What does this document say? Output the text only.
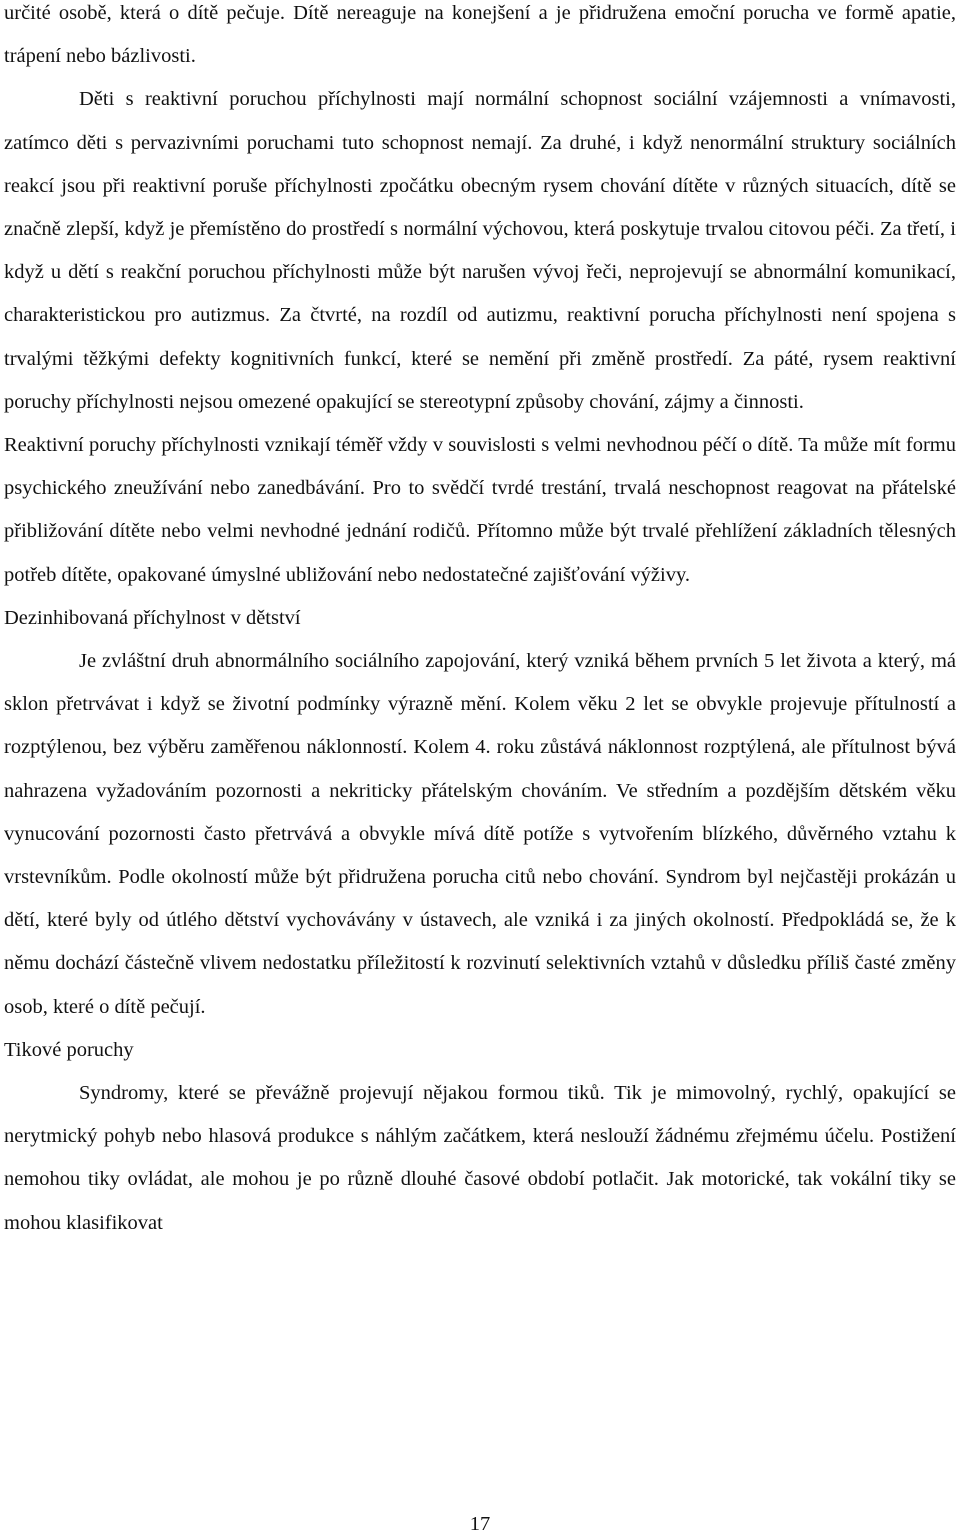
určité osobě, která o dítě pečuje. Dítě nereaguje na konejšení a je přidružena emoční porucha ve formě apatie, trápení nebo bázlivosti.

Děti s reaktivní poruchou příchylnosti mají normální schopnost sociální vzájemnosti a vnímavosti, zatímco děti s pervazivními poruchami tuto schopnost nemají. Za druhé, i když nenormální struktury sociálních reakcí jsou při reaktivní poruše příchylnosti zpočátku obecným rysem chování dítěte v různých situacích, dítě se značně zlepší, když je přemístěno do prostředí s normální výchovou, která poskytuje trvalou citovou péči. Za třetí, i když u dětí s reakční poruchou příchylnosti může být narušen vývoj řeči, neprojevují se abnormální komunikací, charakteristickou pro autizmus. Za čtvrté, na rozdíl od autizmu, reaktivní porucha příchylnosti není spojena s trvalými těžkými defekty kognitivních funkcí, které se nemění při změně prostředí. Za páté, rysem reaktivní poruchy příchylnosti nejsou omezené opakující se stereotypní způsoby chování, zájmy a činnosti.

Reaktivní poruchy příchylnosti vznikají téměř vždy v souvislosti s velmi nevhodnou péčí o dítě. Ta může mít formu psychického zneužívání nebo zanedbávání. Pro to svědčí tvrdé trestání, trvalá neschopnost reagovat na přátelské přibližování dítěte nebo velmi nevhodné jednání rodičů. Přítomno může být trvalé přehlížení základních tělesných potřeb dítěte, opakované úmyslné ubližování nebo nedostatečné zajišťování výživy.

Dezinhibovaná příchylnost v dětství

Je zvláštní druh abnormálního sociálního zapojování, který vzniká během prvních 5 let života a který, má sklon přetrvávat i když se životní podmínky výrazně mění. Kolem věku 2 let se obvykle projevuje přítulností a rozptýlenou, bez výběru zaměřenou náklonností. Kolem 4. roku zůstává náklonnost rozptýlená, ale přítulnost bývá nahrazena vyžadováním pozornosti a nekriticky přátelským chováním. Ve středním a pozdějším dětském věku vynucování pozornosti často přetrvává a obvykle mívá dítě potíže s vytvořením blízkého, důvěrného vztahu k vrstevníkům. Podle okolností může být přidružena porucha citů nebo chování. Syndrom byl nejčastěji prokázán u dětí, které byly od útlého dětství vychovávány v ústavech, ale vzniká i za jiných okolností. Předpokládá se, že k němu dochází částečně vlivem nedostatku příležitostí k rozvinutí selektivních vztahů v důsledku příliš časté změny osob, které o dítě pečují.

Tikové poruchy

Syndromy, které se převážně projevují nějakou formou tiků. Tik je mimovolný, rychlý, opakující se nerytmický pohyb nebo hlasová produkce s náhlým začátkem, která neslouží žádnému zřejmému účelu. Postižení nemohou tiky ovládat, ale mohou je po různě dlouhé časové období potlačit. Jak motorické, tak vokální tiky se mohou klasifikovat

17
